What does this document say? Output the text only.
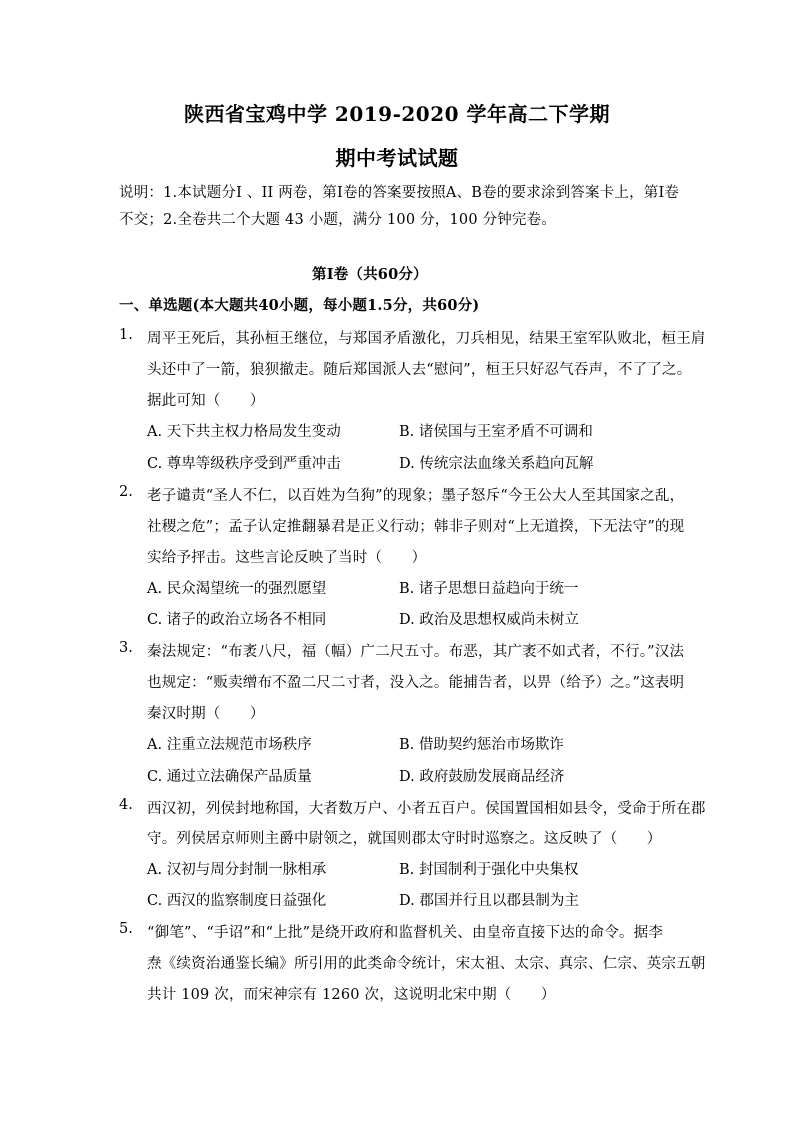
陕西省宝鸡中学 2019-2020 学年高二下学期
期中考试试题
说明：1.本试题分Ⅰ 、II 两卷，第Ⅰ卷的答案要按照A、B卷的要求涂到答案卡上，第Ⅰ卷
不交；2.全卷共二个大题 43 小题，满分 100 分，100 分钟完卷。
第Ⅰ卷（共60分）
一、单选题(本大题共40小题，每小题1.5分，共60分)
1. 周平王死后，其孙桓王继位，与郑国矛盾激化，刀兵相见，结果王室军队败北，桓王肩
头还中了一箭，狼狈撤走。随后郑国派人去“慰问”，桓王只好忍气吞声，不了了之。
据此可知（　　）
A. 天下共主权力格局发生变动	B. 诸侯国与王室矛盾不可调和
C. 尊卑等级秩序受到严重冲击	D. 传统宗法血缘关系趋向瓦解
2. 老子谴责“圣人不仁，以百姓为刍狗”的现象；墨子怒斥“今王公大人至其国家之乱，
社稷之危”；孟子认定推翻暴君是正义行动；韩非子则对“上无道揆，下无法守”的现
实给予抨击。这些言论反映了当时（　　）
A. 民众渴望统一的强烈愿望	B. 诸子思想日益趋向于统一
C. 诸子的政治立场各不相同	D. 政治及思想权威尚未树立
3. 秦法规定：“布袤八尺，福（幅）广二尺五寸。布恶，其广袤不如式者，不行。”汉法
也规定：“贩卖缯布不盈二尺二寸者，没入之。能捕告者，以畀（给予）之。”这表明
秦汉时期（　　）
A. 注重立法规范市场秩序	B. 借助契约惩治市场欺诈
C. 通过立法确保产品质量	D. 政府鼓励发展商品经济
4. 西汉初，列侯封地称国，大者数万户、小者五百户。侯国置国相如县令，受命于所在郡
守。列侯居京师则主爵中尉领之，就国则郡太守时时巡察之。这反映了（　　）
A. 汉初与周分封制一脉相承	B. 封国制利于强化中央集权
C. 西汉的监察制度日益强化	D. 郡国并行且以郡县制为主
5. “御笔”、“手诏”和“上批”是绕开政府和监督机关、由皇帝直接下达的命令。据李
焘《续资治通鉴长编》所引用的此类命令统计，宋太祖、太宗、真宗、仁宗、英宗五朝
共计 109 次，而宋神宗有 1260 次，这说明北宋中期（　　）
